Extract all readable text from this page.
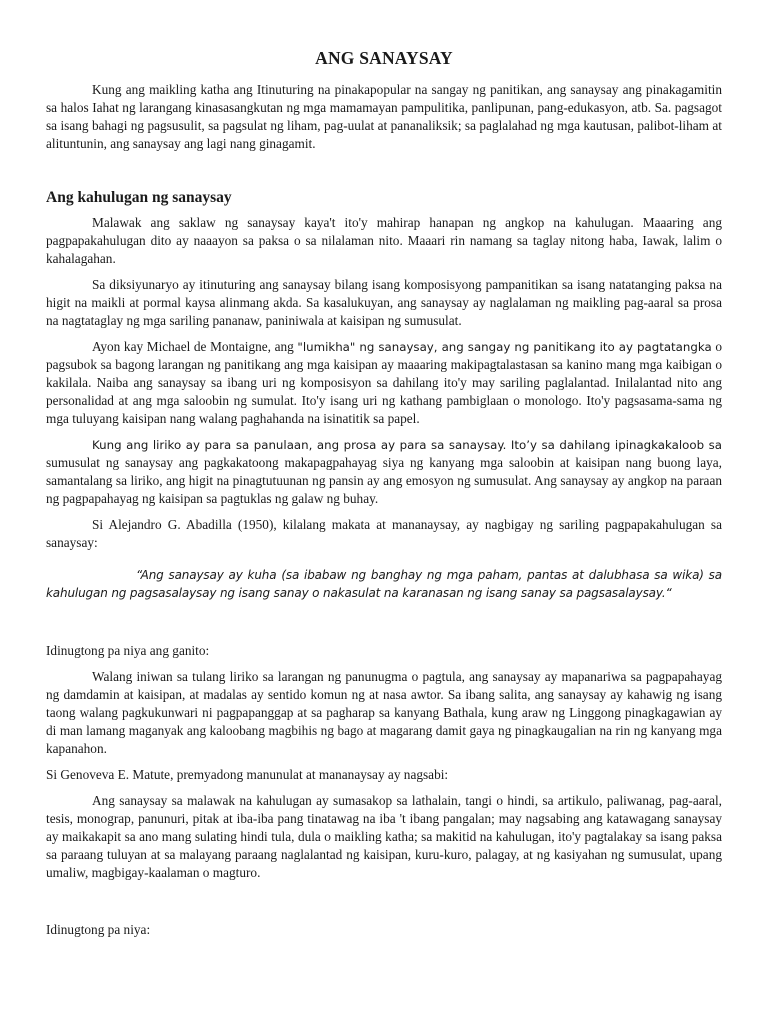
ANG SANAYSAY

Kung ang maikling katha ang Itinuturing na pinakapopular na sangay ng panitikan, ang sanaysay ang pinakagamitin sa halos Iahat ng larangang kinasasangkutan ng mga mamamayan pampulitika, panlipunan, pang-edukasyon, atb. Sa. pagsagot sa isang bahagi ng pagsusulit, sa pagsulat ng liham, pag-uulat at pananaliksik; sa paglalahad ng mga kautusan, palibot-liham at alituntunin, ang sanaysay ang lagi nang ginagamit.

Ang kahulugan ng sanaysay

Malawak ang saklaw ng sanaysay kaya't ito'y mahirap hanapan ng angkop na kahulugan. Maaaring ang pagpapakahulugan dito ay naaayon sa paksa o sa nilalaman nito. Maaari rin namang sa taglay nitong haba, Iawak, lalim o kahalagahan.

Sa diksiyunaryo ay itinuturing ang sanaysay bilang isang komposisyong pampanitikan sa isang natatanging paksa na higit na maikli at pormal kaysa alinmang akda. Sa kasalukuyan, ang sanaysay ay naglalaman ng maikling pag-aaral sa prosa na nagtataglay ng mga sariling pananaw, paniniwala at kaisipan ng sumusulat.

Ayon kay Michael de Montaigne, ang "lumikha" ng sanaysay, ang sangay ng panitikang ito ay pagtatangka o pagsubok sa bagong larangan ng panitikang ang mga kaisipan ay maaaring makipagtalastasan sa kanino mang mga kaibigan o kakilala. Naiba ang sanaysay sa ibang uri ng komposisyon sa dahilang ito'y may sariling paglalantad. Inilalantad nito ang personalidad at ang mga saloobin ng sumulat. Ito'y isang uri ng kathang pambiglaan o monologo. Ito'y pagsasama-sama ng mga tuluyang kaisipan nang walang paghahanda na isinatitik sa papel.

Kung ang liriko ay para sa panulaan, ang prosa ay para sa sanaysay. Ito’y sa dahilang ipinagkakaloob sa sumusulat ng sanaysay ang pagkakatoong makapagpahayag siya ng kanyang mga saloobin at kaisipan nang buong laya, samantalang sa liriko, ang higit na pinagtutuunan ng pansin ay ang emosyon ng sumusulat. Ang sanaysay ay angkop na paraan ng pagpapahayag ng kaisipan sa pagtuklas ng galaw ng buhay.

Si Alejandro G. Abadilla (1950), kilalang makata at mananaysay, ay nagbigay ng sariling pagpapakahulugan sa sanaysay:

“Ang sanaysay ay kuha (sa ibabaw ng banghay ng mga paham, pantas at dalubhasa sa wika) sa kahulugan ng pagsasalaysay ng isang sanay o nakasulat na karanasan ng isang sanay sa pagsasalaysay.“

Idinugtong pa niya ang ganito:

Walang iniwan sa tulang liriko sa larangan ng panunugma o pagtula, ang sanaysay ay mapanariwa sa pagpapahayag ng damdamin at kaisipan, at madalas ay sentido komun ng at nasa awtor. Sa ibang salita, ang sanaysay ay kahawig ng isang taong walang pagkukunwari ni pagpapanggap at sa pagharap sa kanyang Bathala, kung araw ng Linggong pinagkagawian ay di man lamang maganyak ang kaloobang magbihis ng bago at magarang damit gaya ng pinagkaugalian na rin ng kanyang mga kapanahon.

Si Genoveva E. Matute, premyadong manunulat at mananaysay ay nagsabi:

Ang sanaysay sa malawak na kahulugan ay sumasakop sa lathalain, tangi o hindi, sa artikulo, paliwanag, pag-aaral, tesis, monograp, panunuri, pitak at iba-iba pang tinatawag na iba 't ibang pangalan; may nagsabing ang katawagang sanaysay ay maikakapit sa ano mang sulating hindi tula, dula o maikling katha; sa makitid na kahulugan, ito'y pagtalakay sa isang paksa sa paraang tuluyan at sa malayang paraang naglalantad ng kaisipan, kuru-kuro, palagay, at ng kasiyahan ng sumusulat, upang umaliw, magbigay-kaalaman o magturo.

Idinugtong pa niya:
